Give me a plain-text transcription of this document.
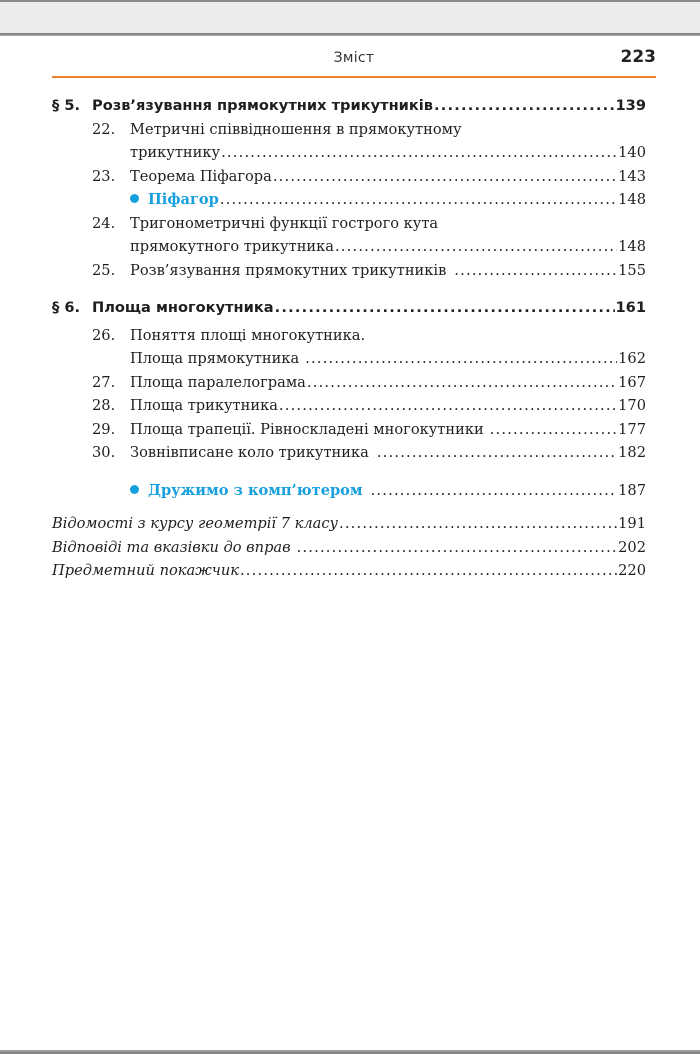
Зміст	223
§ 5. Розв’язування прямокутних трикутників .....	139
22.	Метричні співвідношення в прямокутному
трикутнику .....	140
23.	Теорема Піфагора .....	143
Піфагор .....	148
24.	Тригонометричні функції гострого кута
прямокутного трикутника .....	148
25.	Розв’язування прямокутних трикутників .....	155
§ 6. Площа многокутника .....	161
26.	Поняття площі многокутника.
Площа прямокутника .....	162
27.	Площа паралелограма .....	167
28.	Площа трикутника .....	170
29.	Площа трапеції. Рівноскладені многокутники .....	177
30.	Зовнівписане коло трикутника .....	182
Дружимо з комп’ютером .....	187
Відомості з курсу геометрії 7 класу .....	191
Відповіді та вказівки до вправ .....	202
Предметний покажчик .....	220
